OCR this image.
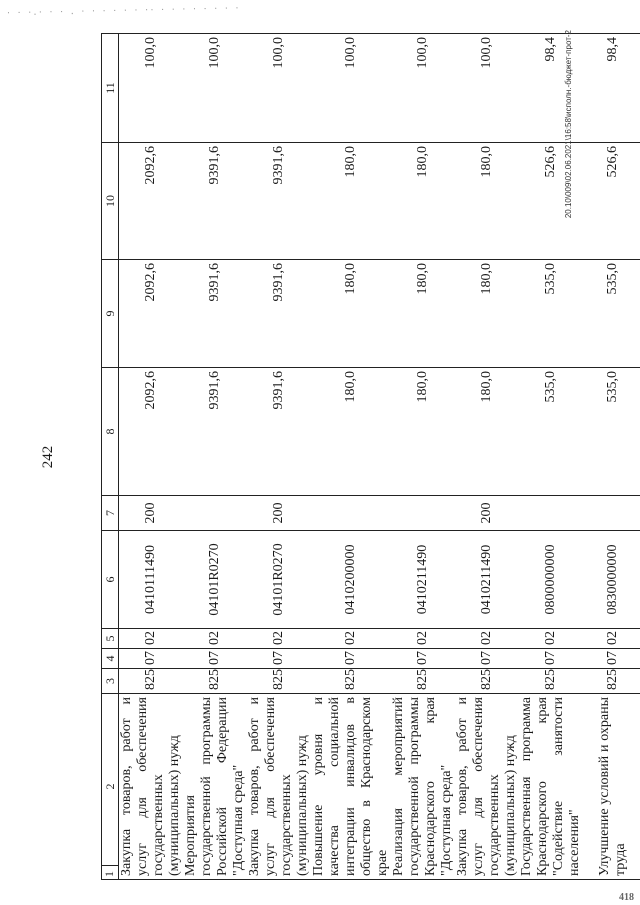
· · ·.· · · . · · · · · · ·· · · · · · · · ·
242
2	3	4	5	6	7	8	9	10	11
Закупка товаров, работ и услуг для обеспечения государственных (муниципальных) нужд	825	07	02	0410111490	200	2092,6	2092,6	2092,6	100,0
Мероприятия государственной программы Российской Федерации "Доступная среда"	825	07	02	04101R0270		9391,6	9391,6	9391,6	100,0
Закупка товаров, работ и услуг для обеспечения государственных (муниципальных) нужд	825	07	02	04101R0270	200	9391,6	9391,6	9391,6	100,0
Повышение уровня и качества социальной интеграции инвалидов в общество в Краснодарском крае	825	07	02	0410200000		180,0	180,0	180,0	100,0
Реализация мероприятий государственной программы Краснодарского края "Доступная среда"	825	07	02	0410211490		180,0	180,0	180,0	100,0
Закупка товаров, работ и услуг для обеспечения государственных (муниципальных) нужд	825	07	02	0410211490	200	180,0	180,0	180,0	100,0
Государственная программа Краснодарского края "Содействие занятости населения"	825	07	02	0800000000		535,0	535,0	526,6	98,4
Улучшение условий и охраны труда	825	07	02	0830000000		535,0	535,0	526,6	98,4
20.10\009\02.06.2021\16:58\исполн.-бюджет-прот-2
1
418
